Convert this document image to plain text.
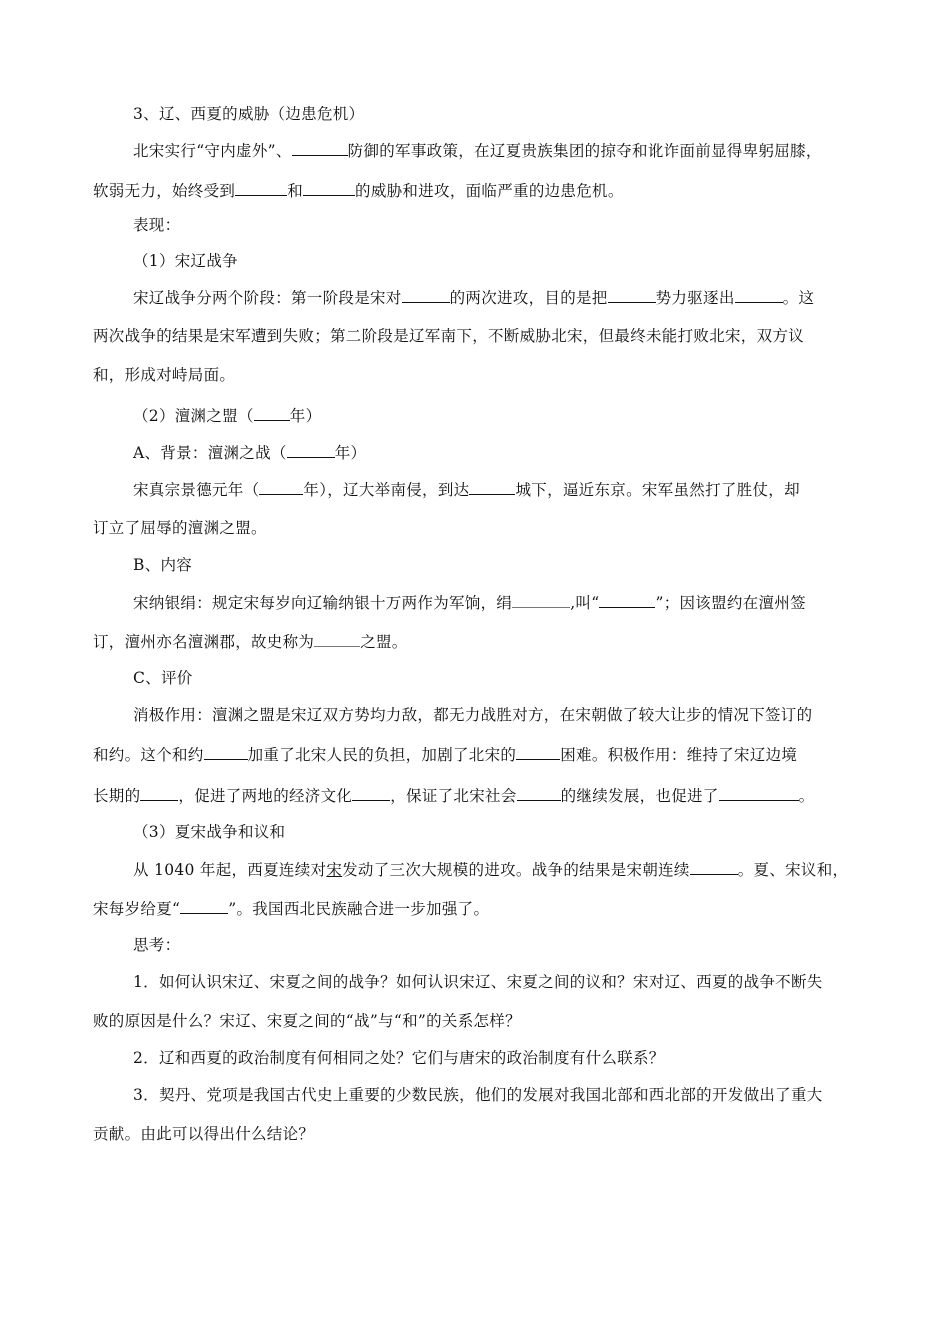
3、辽、西夏的威胁（边患危机）
北宋实行“守内虚外”、	防御的军事政策，在辽夏贵族集团的掠夺和讹诈面前显得卑躬屈膝，
软弱无力，始终受到	和	的威胁和进攻，面临严重的边患危机。
表现：
（1）宋辽战争
宋辽战争分两个阶段：第一阶段是宋对	的两次进攻，目的是把	势力驱逐出	。这
两次战争的结果是宋军遭到失败；第二阶段是辽军南下，不断威胁北宋，但最终未能打败北宋，双方议
和，形成对峙局面。
（2）澶渊之盟（ 年）
A、背景：澶渊之战（	年）
宋真宗景德元年（	年），辽大举南侵，到达	城下，逼近东京。宋军虽然打了胜仗，却
订立了屈辱的澶渊之盟。
B、内容
宋纳银绢：规定宋每岁向辽输纳银十万两作为军饷，绢	,叫“	”；因该盟约在澶州签
订，澶州亦名澶渊郡，故史称为	之盟。
C、评价
消极作用：澶渊之盟是宋辽双方势均力敌，都无力战胜对方，在宋朝做了较大让步的情况下签订的
和约。这个和约	加重了北宋人民的负担，加剧了北宋的	困难。积极作用：维持了宋辽边境
长期的 ，促进了两地的经济文化 ，保证了北宋社会	的继续发展，也促进了	。
（3）夏宋战争和议和
从 1040 年起，西夏连续对宋发动了三次大规模的进攻。战争的结果是宋朝连续	。夏、宋议和，
宋每岁给夏“	”。我国西北民族融合进一步加强了。
思考：
1．如何认识宋辽、宋夏之间的战争？如何认识宋辽、宋夏之间的议和？宋对辽、西夏的战争不断失
败的原因是什么？宋辽、宋夏之间的“战”与“和”的关系怎样？
2．辽和西夏的政治制度有何相同之处？它们与唐宋的政治制度有什么联系？
3．契丹、党项是我国古代史上重要的少数民族，他们的发展对我国北部和西北部的开发做出了重大
贡献。由此可以得出什么结论？
